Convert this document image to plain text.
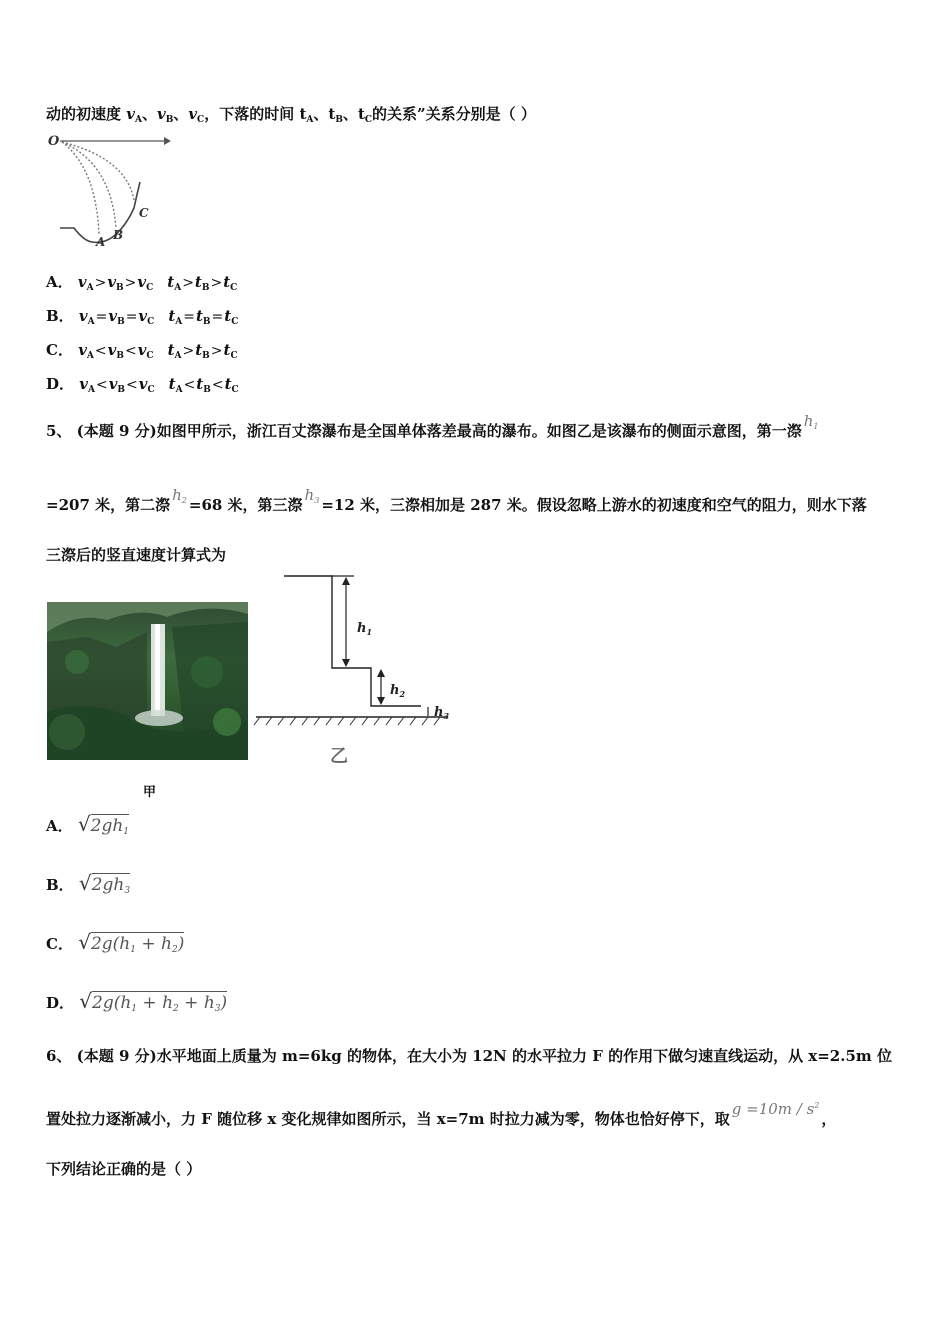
动的初速度 $v_A$、$v_B$、$v_C$，下落的时间 $t_A$、$t_B$、$t_C$的关系”关系分别是（ ）
O
A B
C
A． $v_A>v_B>v_C$ $t_A>t_B>t_C$
B． $v_A=v_B=v_C$ $t_A=t_B=t_C$
C． $v_A<v_B<v_C$ $t_A>t_B>t_C$
D． $v_A<v_B<v_C$ $t_A<t_B<t_C$
5、 (本题 9 分)如图甲所示，浙江百丈漈瀑布是全国单体落差最高的瀑布。如图乙是该瀑布的侧面示意图，第一漈$h_1$
=207 米，第二漈$h_2 =68$ 米，第三漈$h_3 =12$ 米，三漈相加是 287 米。假设忽略上游水的初速度和空气的阻力，则水下落
三漈后的竖直速度计算式为
甲
$h_1$
$h_2$
$h_3$
乙
A． $√2gh_1$
B． $√2gh_3$
C． $√2g(h_1 + h_2)$
D． $√2g(h_1 + h_2 + h_3)$
6、 (本题 9 分)水平地面上质量为 m=6kg 的物体，在大小为 12N 的水平拉力 F 的作用下做匀速直线运动，从 x=2.5m 位
置处拉力逐渐减小，力 F 随位移 x 变化规律如图所示，当 x=7m 时拉力减为零，物体也恰好停下，取$g =10m / s^2$，
下列结论正确的是（ ）
